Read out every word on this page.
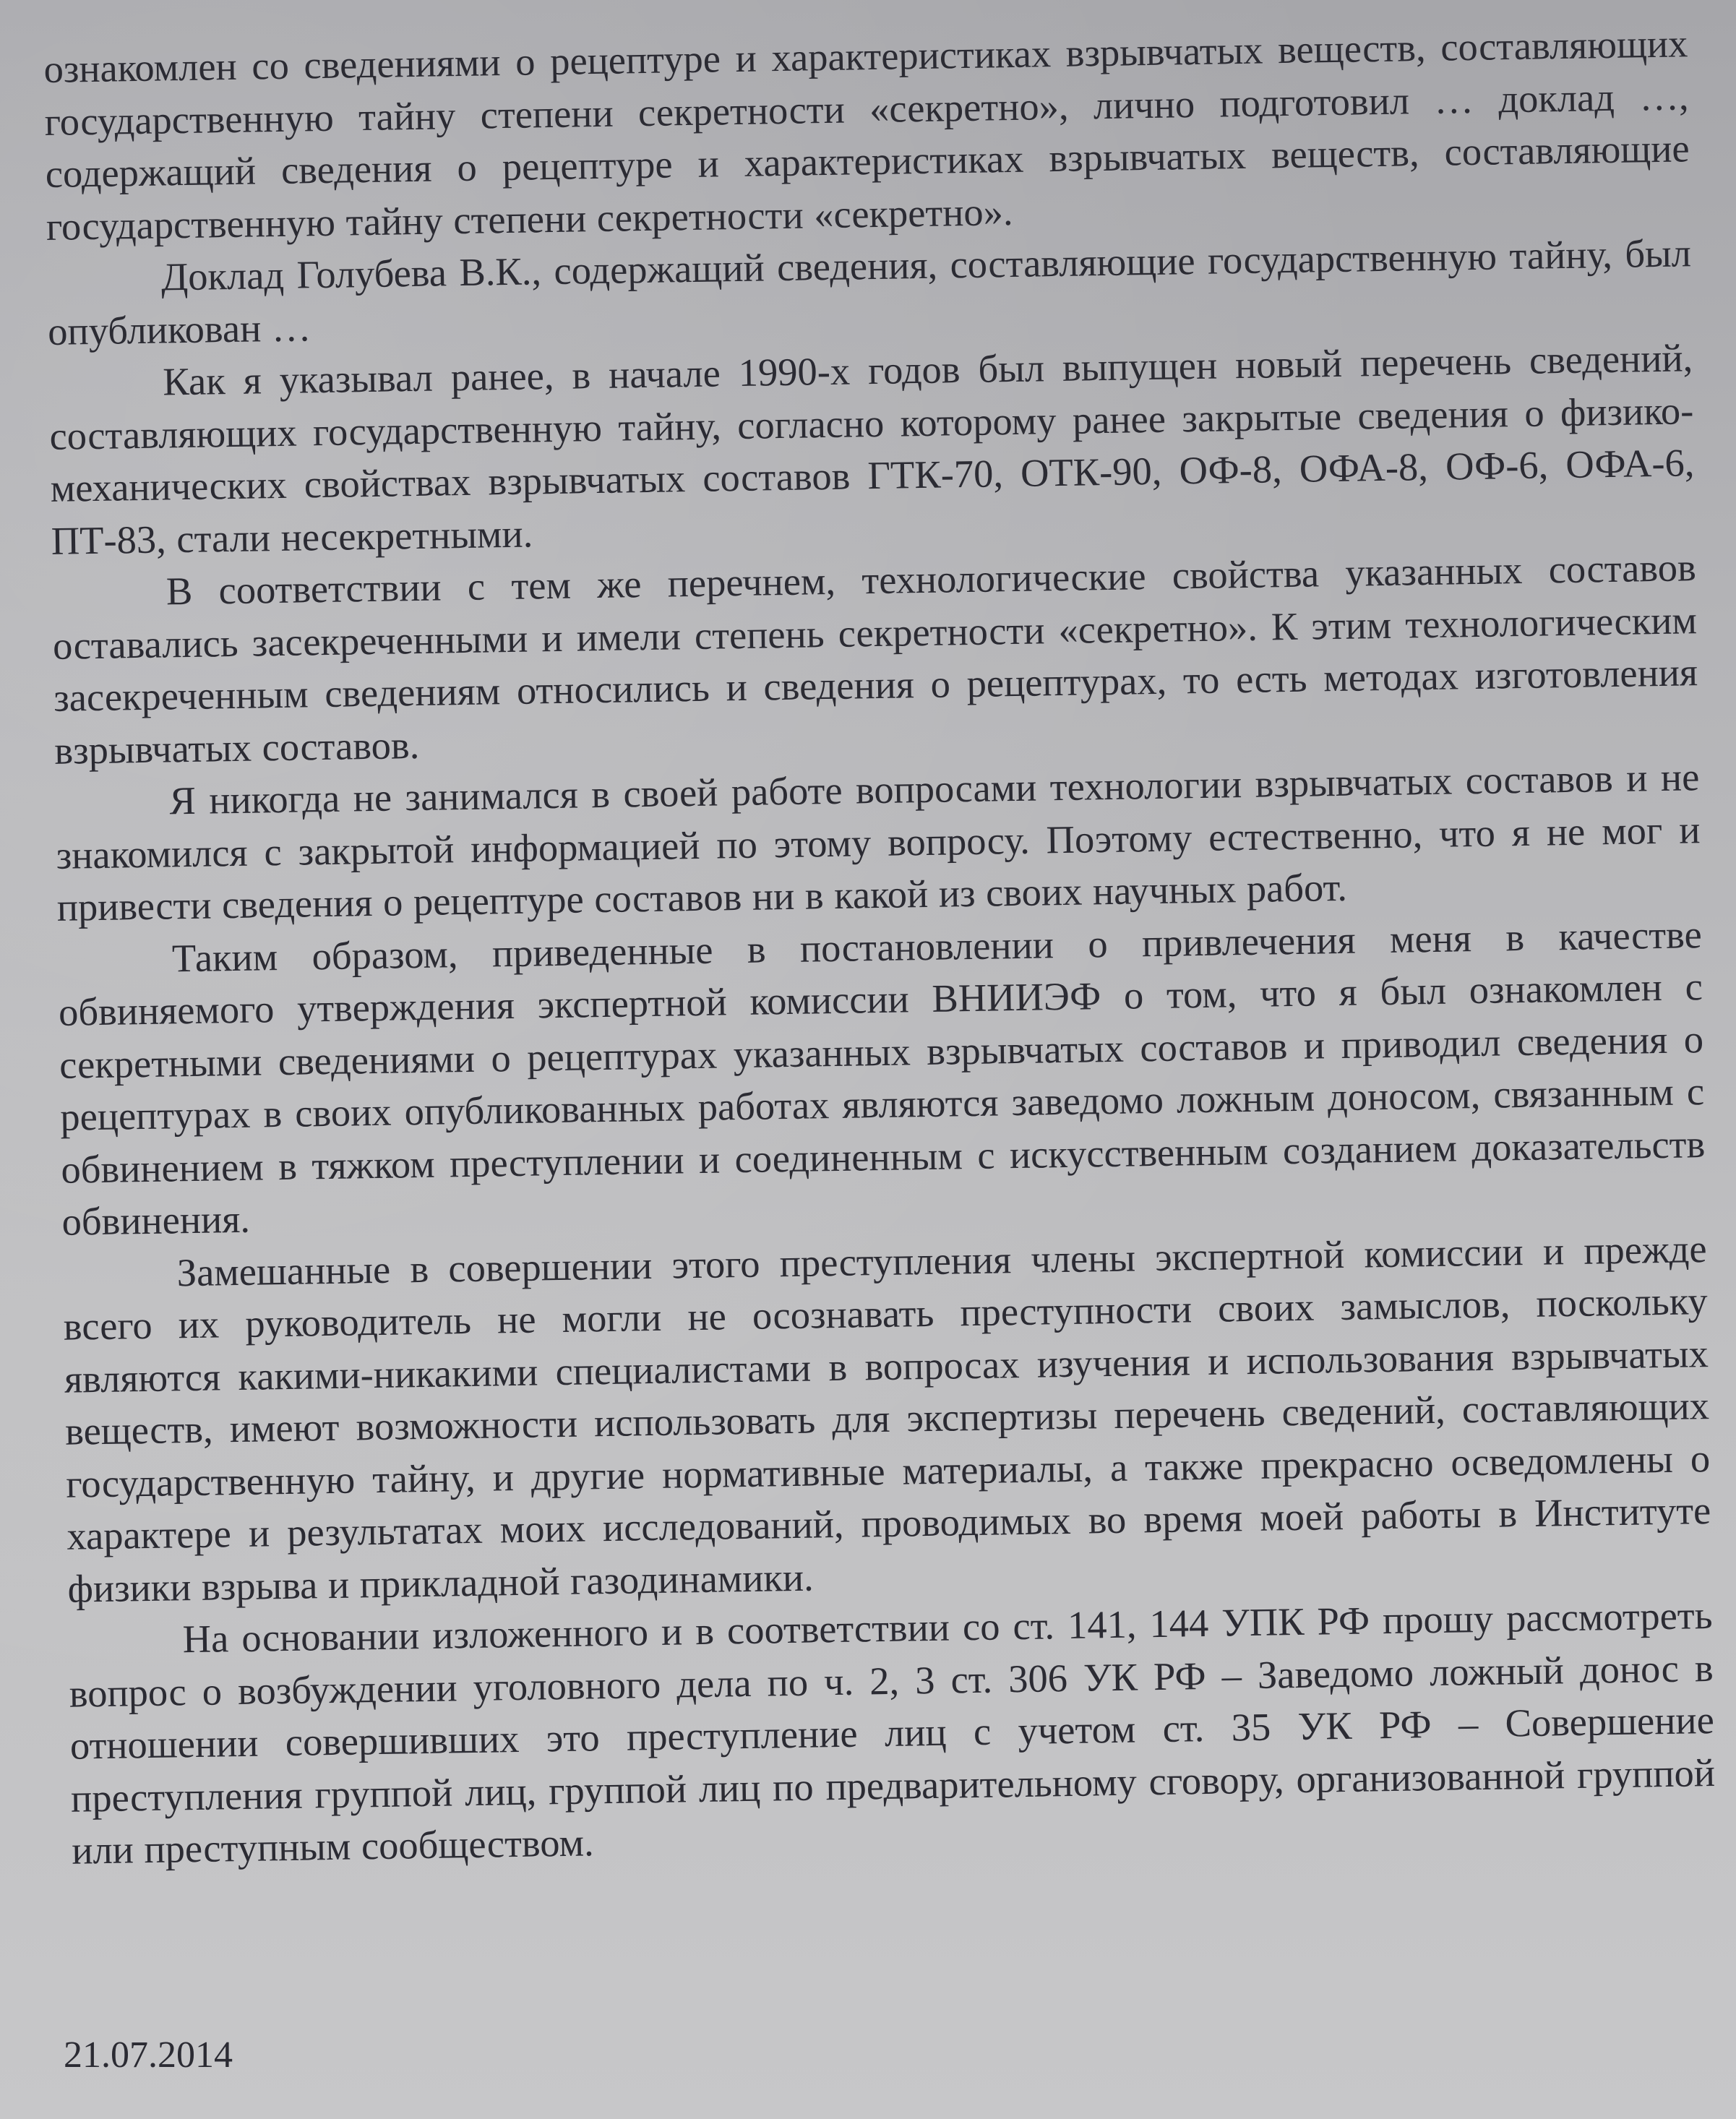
ознакомлен со сведениями о рецептуре и характеристиках взрывчатых веществ, составляющих государственную тайну степени секретности «секретно», лично подготовил … доклад …, содержащий сведения о рецептуре и характеристиках взрывчатых веществ, составляющие государственную тайну степени секретности «секретно».

Доклад Голубева В.К., содержащий сведения, составляющие государственную тайну, был опубликован …

Как я указывал ранее, в начале 1990-х годов был выпущен новый перечень сведений, составляющих государственную тайну, согласно которому ранее закрытые сведения о физико-механических свойствах взрывчатых составов ГТК-70, ОТК-90, ОФ-8, ОФА-8, ОФ-6, ОФА-6, ПТ-83, стали несекретными.

В соответствии с тем же перечнем, технологические свойства указанных составов оставались засекреченными и имели степень секретности «секретно». К этим технологическим засекреченным сведениям относились и сведения о рецептурах, то есть методах изготовления взрывчатых составов.

Я никогда не занимался в своей работе вопросами технологии взрывчатых составов и не знакомился с закрытой информацией по этому вопросу. Поэтому естественно, что я не мог и привести сведения о рецептуре составов ни в какой из своих научных работ.

Таким образом, приведенные в постановлении о привлечения меня в качестве обвиняемого утверждения экспертной комиссии ВНИИЭФ о том, что я был ознакомлен с секретными сведениями о рецептурах указанных взрывчатых составов и приводил сведения о рецептурах в своих опубликованных работах являются заведомо ложным доносом, связанным с обвинением в тяжком преступлении и соединенным с искусственным созданием доказательств обвинения.

Замешанные в совершении этого преступления члены экспертной комиссии и прежде всего их руководитель не могли не осознавать преступности своих замыслов, поскольку являются какими-никакими специалистами в вопросах изучения и использования взрывчатых веществ, имеют возможности использовать для экспертизы перечень сведений, составляющих государственную тайну, и другие нормативные материалы, а также прекрасно осведомлены о характере и результатах моих исследований, проводимых во время моей работы в Институте физики взрыва и прикладной газодинамики.

На основании изложенного и в соответствии со ст. 141, 144 УПК РФ прошу рассмотреть вопрос о возбуждении уголовного дела по ч. 2, 3 ст. 306 УК РФ – Заведомо ложный донос в отношении совершивших это преступление лиц с учетом ст. 35 УК РФ – Совершение преступления группой лиц, группой лиц по предварительному сговору, организованной группой или преступным сообществом.

21.07.2014
